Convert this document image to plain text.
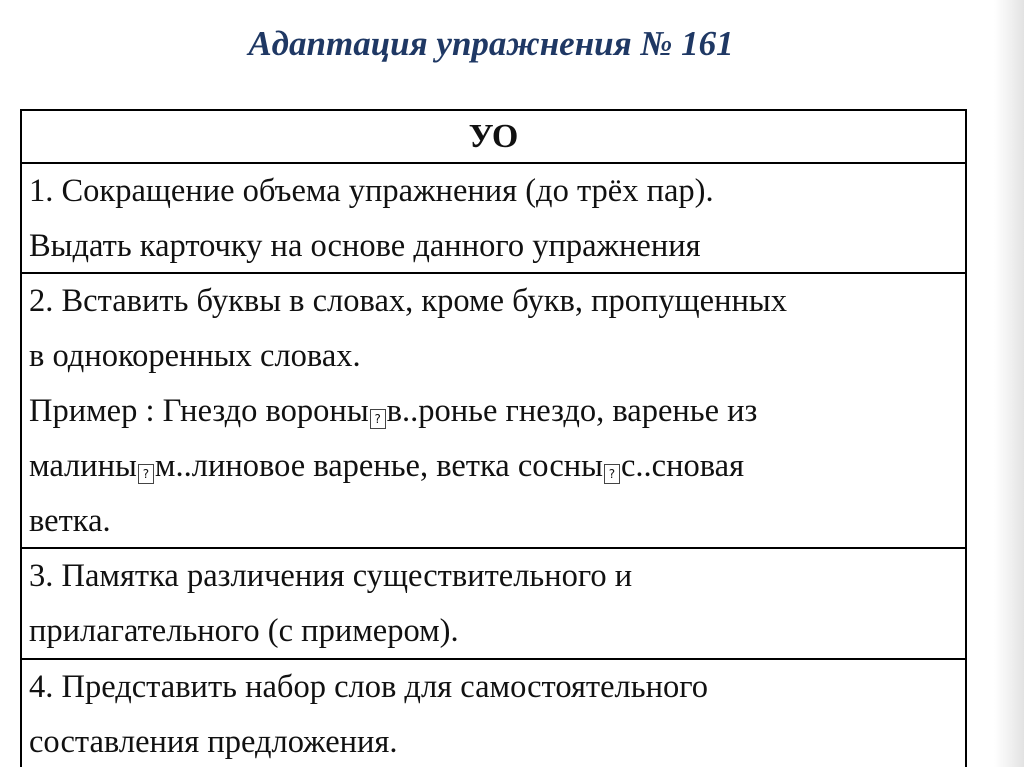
Адаптация упражнения № 161
УО
1. Сокращение объема упражнения (до трёх пар).
Выдать карточку на основе данного упражнения
2. Вставить буквы в словах, кроме букв, пропущенных
в однокоренных словах.
Пример : Гнездо вороны ? в..ронье гнездо, варенье из
малины ? м..линовое варенье, ветка сосны ? с..сновая
ветка.
3. Памятка различения существительного и
прилагательного (с примером).
4. Представить набор слов для самостоятельного
составления предложения.
